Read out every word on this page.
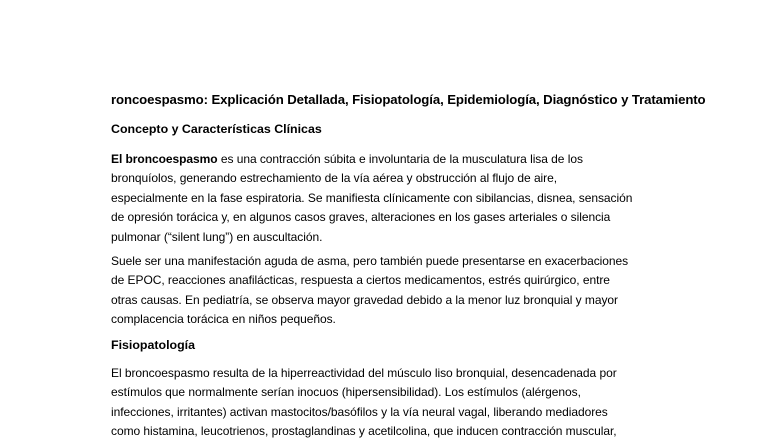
roncoespasmo: Explicación Detallada, Fisiopatología, Epidemiología, Diagnóstico y Tratamiento
Concepto y Características Clínicas
El broncoespasmo es una contracción súbita e involuntaria de la musculatura lisa de los
bronquíolos, generando estrechamiento de la vía aérea y obstrucción al flujo de aire,
especialmente en la fase espiratoria. Se manifiesta clínicamente con sibilancias, disnea, sensación
de opresión torácica y, en algunos casos graves, alteraciones en los gases arteriales o silencia
pulmonar (“silent lung”) en auscultación.
Suele ser una manifestación aguda de asma, pero también puede presentarse en exacerbaciones
de EPOC, reacciones anafilácticas, respuesta a ciertos medicamentos, estrés quirúrgico, entre
otras causas. En pediatría, se observa mayor gravedad debido a la menor luz bronquial y mayor
complacencia torácica en niños pequeños.
Fisiopatología
El broncoespasmo resulta de la hiperreactividad del músculo liso bronquial, desencadenada por
estímulos que normalmente serían inocuos (hipersensibilidad). Los estímulos (alérgenos,
infecciones, irritantes) activan mastocitos/basófilos y la vía neural vagal, liberando mediadores
como histamina, leucotrienos, prostaglandinas y acetilcolina, que inducen contracción muscular,
